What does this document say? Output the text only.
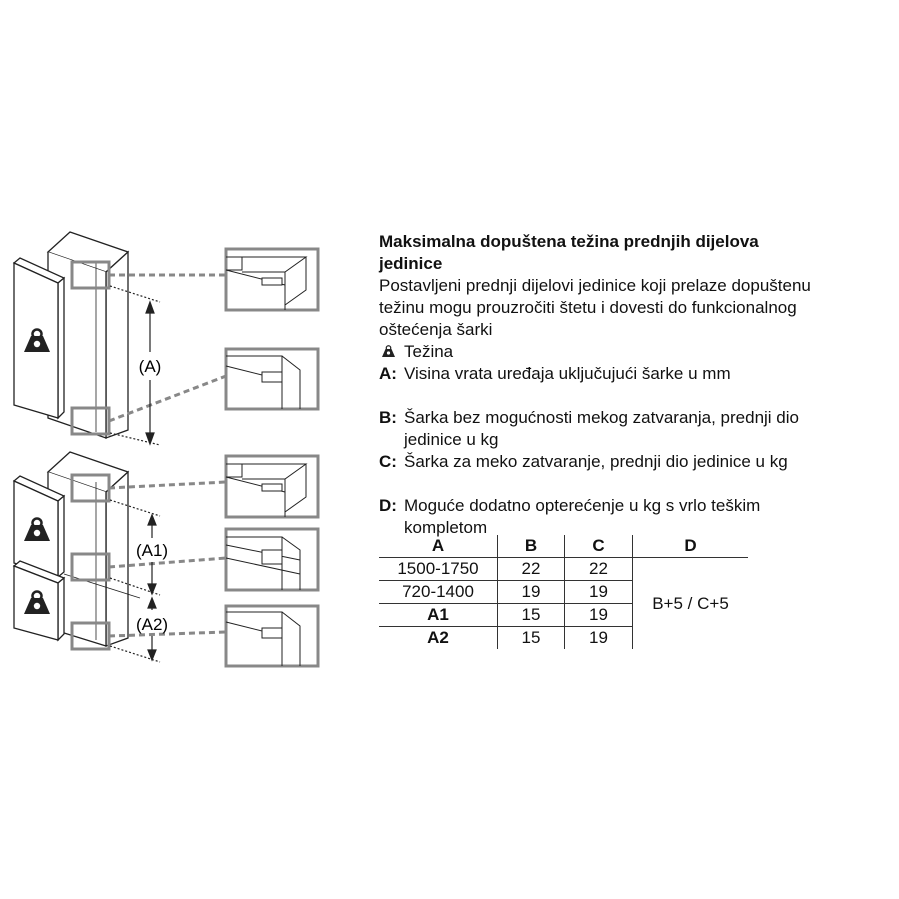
(A)
(A1)
(A2)
Maksimalna dopuštena težina prednjih dijelova
jedinice
Postavljeni prednji dijelovi jedinice koji prelaze dopuštenu
težinu mogu prouzročiti štetu i dovesti do funkcionalnog
oštećenja šarki
Težina
A: Visina vrata uređaja uključujući šarke u mm
B: Šarka bez mogućnosti mekog zatvaranja, prednji dio
jedinice u kg
C: Šarka za meko zatvaranje, prednji dio jedinice u kg
D: Moguće dodatno opterećenje u kg s vrlo teškim
kompletom
A	B	C	D
1500-1750	22	22	B+5 / C+5
720-1400	19	19	
A1	15	19	
A2	15	19	
